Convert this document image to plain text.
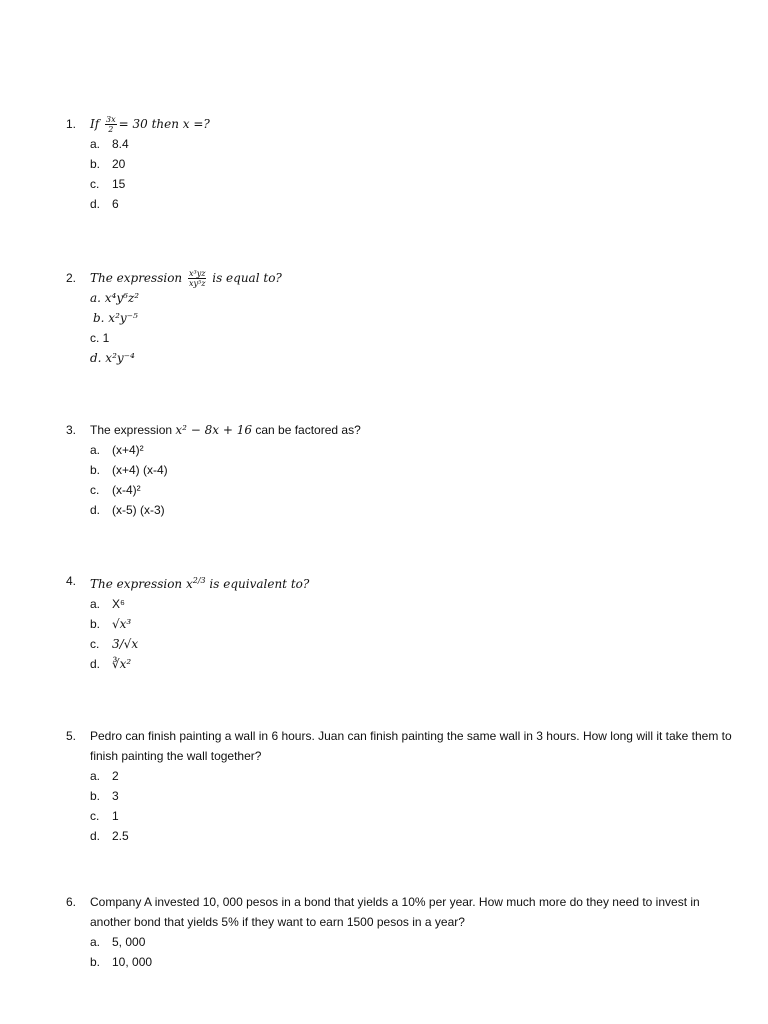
1.	If $\frac{3x}{2} = 30$ then x =?
a. 8.4
b. 20
c.	15
d. 6
2.	The expression $\frac{\text{x³yz}}{\text{xy⁵z}}$ is equal to?
a. x⁴y⁶z²
b. x²y⁻⁵
c. 1
d. x²y⁻⁴
3.	The expression x² − 8x + 16 can be factored as?
a. (x+4)²
b. (x+4) (x-4)
c.	(x-4)²
d. (x-5) (x-3)
4.	The expression $x^{2/3}$ is equivalent to?
a. X⁶
b. √x³
c.	3/√x
d. ∛x²
5.	Pedro can finish painting a wall in 6 hours. Juan can finish painting the same wall in 3 hours. How long will it take them to finish painting the wall together?
a. 2
b. 3
c.	1
d. 2.5
6.	Company A invested 10, 000 pesos in a bond that yields a 10% per year. How much more do they need to invest in another bond that yields 5% if they want to earn 1500 pesos in a year?
a. 5, 000
b. 10, 000
